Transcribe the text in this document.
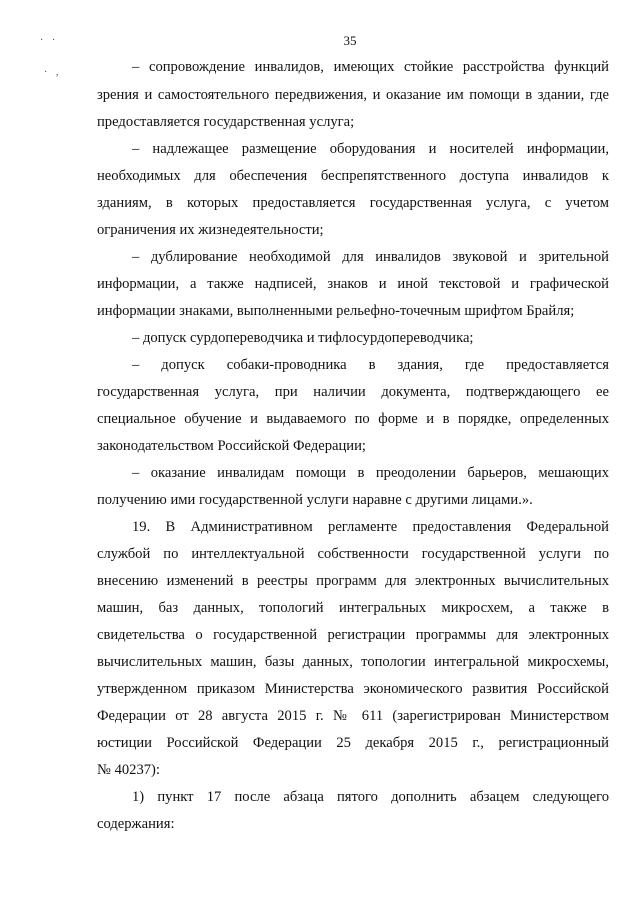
· ·
· ,
35
– сопровождение инвалидов, имеющих стойкие расстройства функций
зрения и самостоятельного передвижения, и оказание им помощи в здании, где
предоставляется государственная услуга;
– надлежащее размещение оборудования и носителей информации,
необходимых для обеспечения беспрепятственного доступа инвалидов к
зданиям, в которых предоставляется государственная услуга, с учетом
ограничения их жизнедеятельности;
– дублирование необходимой для инвалидов звуковой и зрительной
информации, а также надписей, знаков и иной текстовой и графической
информации знаками, выполненными рельефно-точечным шрифтом Брайля;
– допуск сурдопереводчика и тифлосурдопереводчика;
– допуск собаки-проводника в здания, где предоставляется
государственная услуга, при наличии документа, подтверждающего ее
специальное обучение и выдаваемого по форме и в порядке, определенных
законодательством Российской Федерации;
– оказание инвалидам помощи в преодолении барьеров, мешающих
получению ими государственной услуги наравне с другими лицами.».
19. В Административном регламенте предоставления Федеральной
службой по интеллектуальной собственности государственной услуги по
внесению изменений в реестры программ для электронных вычислительных
машин, баз данных, топологий интегральных микросхем, а также в
свидетельства о государственной регистрации программы для электронных
вычислительных машин, базы данных, топологии интегральной микросхемы,
утвержденном приказом Министерства экономического развития Российской
Федерации от 28 августа 2015 г. № 611 (зарегистрирован Министерством
юстиции Российской Федерации 25 декабря 2015 г., регистрационный
№ 40237):
1) пункт 17 после абзаца пятого дополнить абзацем следующего
содержания:
